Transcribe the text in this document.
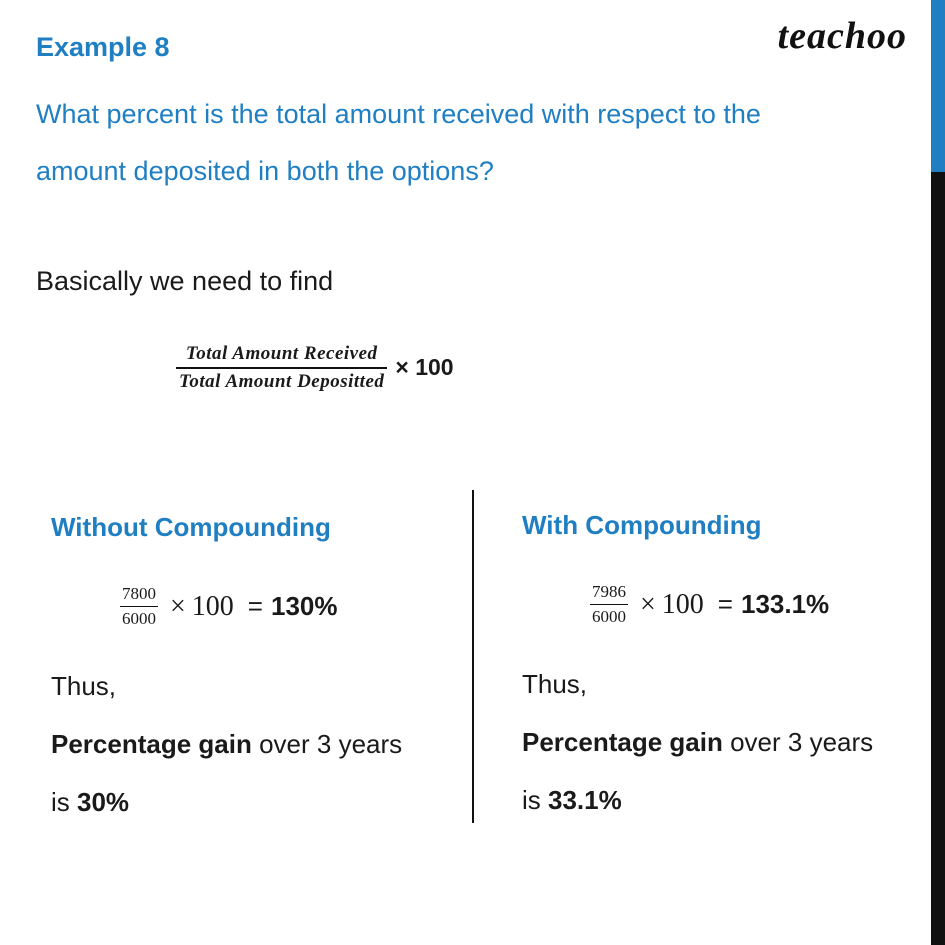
Example 8	teachoo
What percent is the total amount received with respect to the
amount deposited in both the options?
Basically we need to find
$\frac{\text{Total Amount Received}}{\text{Total Amount Depositted}} \times 100$
Without Compounding
$\frac{7800}{6000} \times 100 = 130\%$
Thus,
Percentage gain over 3 years
is 30%
With Compounding
$\frac{7986}{6000} \times 100 = 133.1\%$
Thus,
Percentage gain over 3 years
is 33.1%
